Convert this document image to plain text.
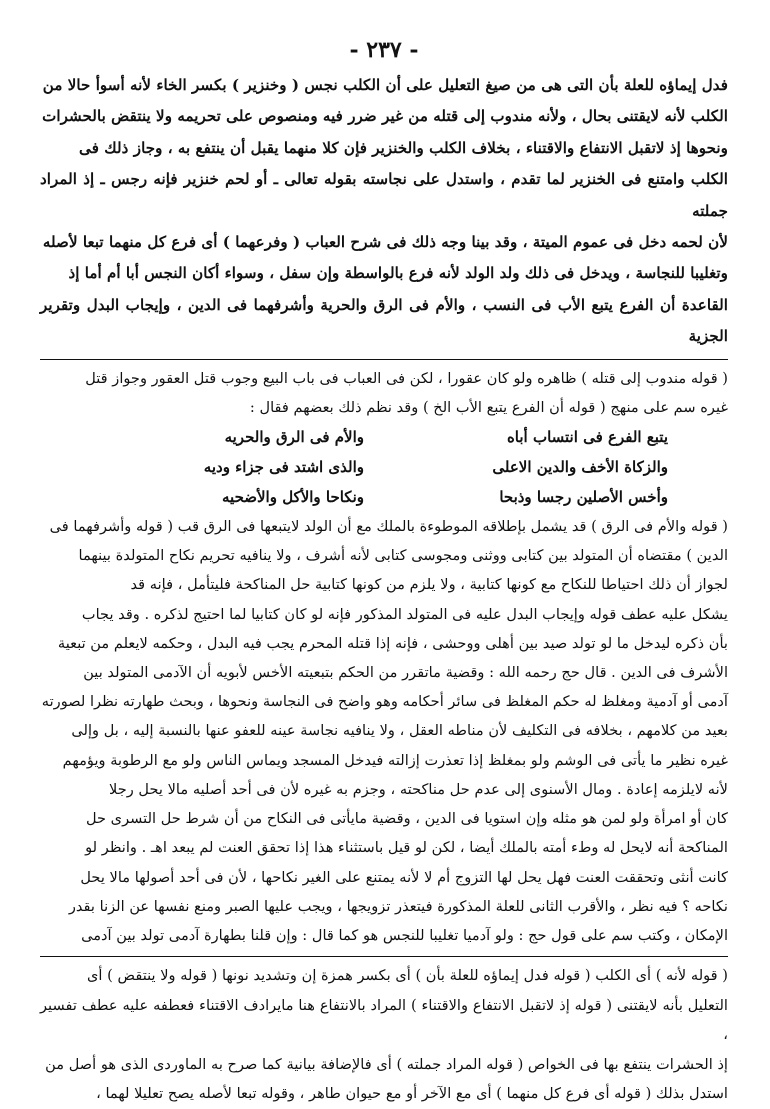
- ٢٣٧ -
فدل إيماؤه للعلة بأن التى هى من صيغ التعليل على أن الكلب نجس ( وخنزير ) بكسر الخاء لأنه أسوأ حالا من
الكلب لأنه لايقتنى بحال ، ولأنه مندوب إلى قتله من غير ضرر فيه ومنصوص على تحريمه ولا ينتقض بالحشرات
ونحوها إذ لاتقبل الانتفاع والاقتناء ، بخلاف الكلب والخنزير فإن كلا منهما يقبل أن ينتفع به ، وجاز ذلك فى
الكلب وامتنع فى الخنزير لما تقدم ، واستدل على نجاسته بقوله تعالى ـ أو لحم خنزير فإنه رجس ـ إذ المراد جملته
لأن لحمه دخل فى عموم الميتة ، وقد بينا وجه ذلك فى شرح العباب ( وفرعهما ) أى فرع كل منهما تبعا لأصله
وتغليبا للنجاسة ، ويدخل فى ذلك ولد الولد لأنه فرع بالواسطة وإن سفل ، وسواء أكان النجس أبا أم أما إذ
القاعدة أن الفرع يتبع الأب فى النسب ، والأم فى الرق والحرية وأشرفهما فى الدين ، وإيجاب البدل وتقرير الجزية
( قوله مندوب إلى قتله ) ظاهره ولو كان عقورا ، لكن فى العباب فى باب البيع وجوب قتل العقور وجواز قتل
غيره سم على منهج ( قوله أن الفرع يتبع الأب الخ ) وقد نظم ذلك بعضهم فقال :
يتبع الفرع فى انتساب أباه
والأم فى الرق والحريه
والزكاة الأخف والدين الاعلى
والذى اشتد فى جزاء وديه
وأخس الأصلين رجسا وذبحا
ونكاحا والأكل والأضحيه
( قوله والأم فى الرق ) قد يشمل بإطلاقه الموطوءة بالملك مع أن الولد لايتبعها فى الرق قب ( قوله وأشرفهما فى
الدين ) مقتضاه أن المتولد بين كتابى ووثنى ومجوسى كتابى لأنه أشرف ، ولا ينافيه تحريم نكاح المتولدة بينهما
لجواز أن ذلك احتياطا للنكاح مع كونها كتابية ، ولا يلزم من كونها كتابية حل المناكحة فليتأمل ، فإنه قد
يشكل عليه عطف قوله وإيجاب البدل عليه فى المتولد المذكور فإنه لو كان كتابيا لما احتيج لذكره . وقد يجاب
بأن ذكره ليدخل ما لو تولد صيد بين أهلى ووحشى ، فإنه إذا قتله المحرم يجب فيه البدل ، وحكمه لايعلم من تبعية
الأشرف فى الدين . قال حج رحمه الله : وقضية ماتقرر من الحكم بتبعيته الأخس لأبويه أن الآدمى المتولد بين
آدمى أو آدمية ومغلظ له حكم المغلظ فى سائر أحكامه وهو واضح فى النجاسة ونحوها ، وبحث طهارته نظرا لصورته
بعيد من كلامهم ، بخلافه فى التكليف لأن مناطه العقل ، ولا ينافيه نجاسة عينه للعفو عنها بالنسبة إليه ، بل وإلى
غيره نظير ما يأتى فى الوشم ولو بمغلظ إذا تعذرت إزالته فيدخل المسجد ويماس الناس ولو مع الرطوبة ويؤمهم
لأنه لايلزمه إعادة . ومال الأسنوى إلى عدم حل مناكحته ، وجزم به غيره لأن فى أحد أصليه مالا يحل رجلا
كان أو امرأة ولو لمن هو مثله وإن استويا فى الدين ، وقضية مايأتى فى النكاح من أن شرط حل التسرى حل
المناكحة أنه لايحل له وطء أمته بالملك أيضا ، لكن لو قيل باستثناء هذا إذا تحقق العنت لم يبعد اهـ . وانظر لو
كانت أنثى وتحققت العنت فهل يحل لها التزوج أم لا لأنه يمتنع على الغير نكاحها ، لأن فى أحد أصولها مالا يحل
نكاحه ؟ فيه نظر ، والأقرب الثانى للعلة المذكورة فيتعذر تزويجها ، ويجب عليها الصبر ومنع نفسها عن الزنا بقدر
الإمكان ، وكتب سم على قول حج : ولو آدميا تغليبا للنجس هو كما قال : وإن قلنا بطهارة آدمى تولد بين آدمى
( قوله لأنه ) أى الكلب ( قوله فدل إيماؤه للعلة بأن ) أى بكسر همزة إن وتشديد نونها ( قوله ولا ينتقض ) أى
التعليل بأنه لايقتنى ( قوله إذ لاتقبل الانتفاع والاقتناء ) المراد بالانتفاع هنا مايرادف الاقتناء فعطفه عليه عطف تفسير ،
إذ الحشرات ينتفع بها فى الخواص ( قوله المراد جملته ) أى فالإضافة بيانية كما صرح به الماوردى الذى هو أصل من
استدل بذلك ( قوله أى فرع كل منهما ) أى مع الآخر أو مع حيوان طاهر ، وقوله تبعا لأصله يصح تعليلا لهما ،
